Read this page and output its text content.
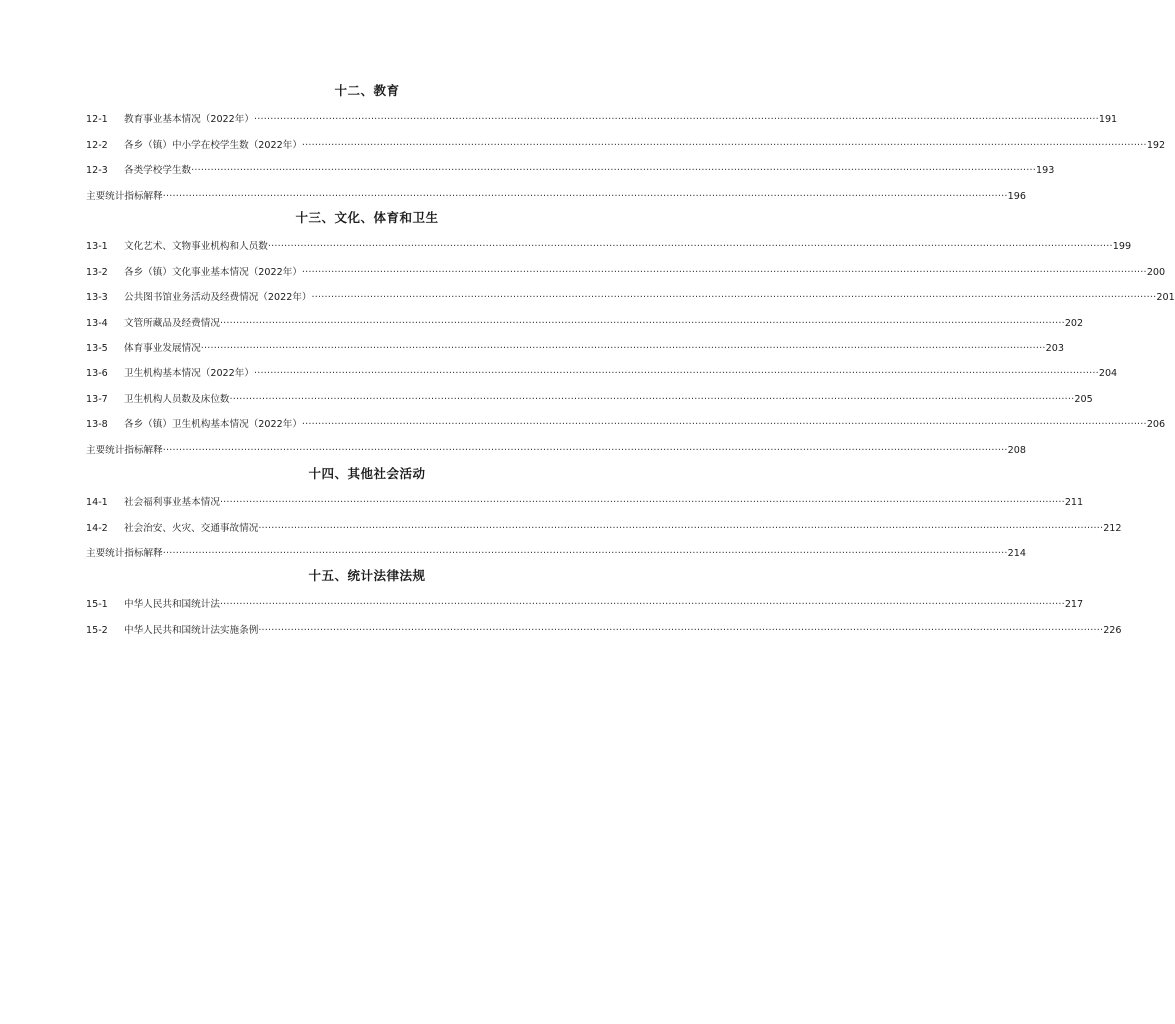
十二、教育
12-1	教育事业基本情况（2022年） ···································································································································································································································································· 191
12-2	各乡（镇）中小学在校学生数（2022年） ···································································································································································································································································· 192
12-3	各类学校学生数 ···································································································································································································································································· 193
主要统计指标解释 ···································································································································································································································································· 196
十三、文化、体育和卫生
13-1	文化艺术、文物事业机构和人员数 ···································································································································································································································································· 199
13-2	各乡（镇）文化事业基本情况（2022年） ···································································································································································································································································· 200
13-3	公共图书馆业务活动及经费情况（2022年） ···································································································································································································································································· 201
13-4	文管所藏品及经费情况 ···································································································································································································································································· 202
13-5	体育事业发展情况 ···································································································································································································································································· 203
13-6	卫生机构基本情况（2022年） ···································································································································································································································································· 204
13-7	卫生机构人员数及床位数 ···································································································································································································································································· 205
13-8	各乡（镇）卫生机构基本情况（2022年） ···································································································································································································································································· 206
主要统计指标解释 ···································································································································································································································································· 208
十四、其他社会活动
14-1	社会福利事业基本情况 ···································································································································································································································································· 211
14-2	社会治安、火灾、交通事故情况 ···································································································································································································································································· 212
主要统计指标解释 ···································································································································································································································································· 214
十五、统计法律法规
15-1	中华人民共和国统计法 ···································································································································································································································································· 217
15-2	中华人民共和国统计法实施条例 ···································································································································································································································································· 226
